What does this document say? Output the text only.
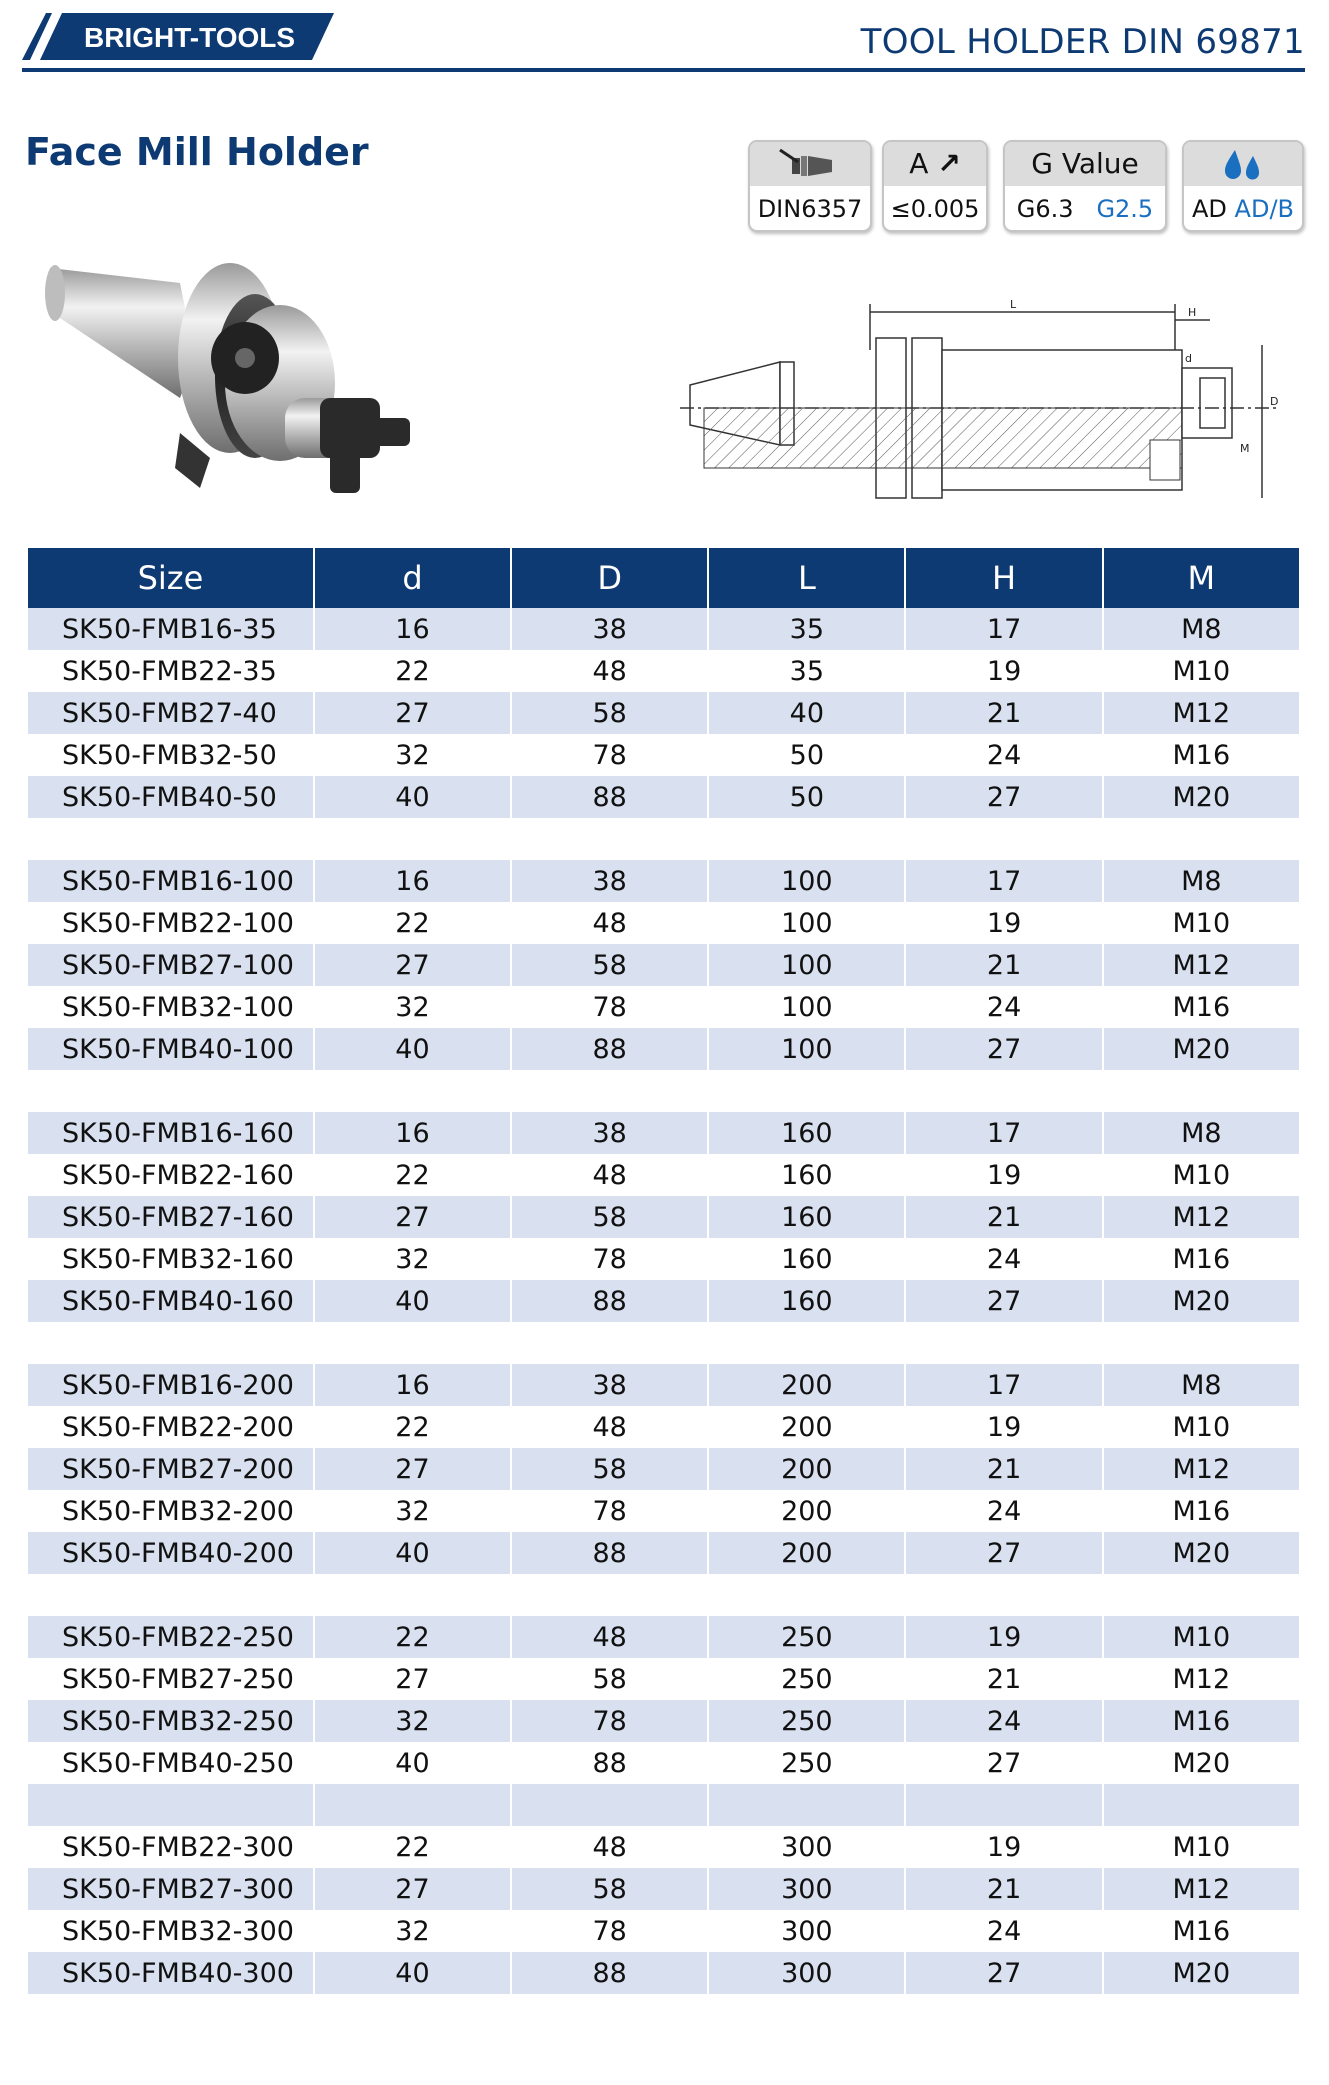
BRIGHT-TOOLS	TOOL HOLDER DIN 69871
Face Mill Holder
DIN6357
A ↗
≤0.005
G Value
G6.3 G2.5	AD AD/B
L
H
d
D
M
Size	d	D	L	H	M
SK50-FMB16-35	16	38	35	17	M8
SK50-FMB22-35	22	48	35	19	M10
SK50-FMB27-40	27	58	40	21	M12
SK50-FMB32-50	32	78	50	24	M16
SK50-FMB40-50	40	88	50	27	M20

SK50-FMB16-100	16	38	100	17	M8
SK50-FMB22-100	22	48	100	19	M10
SK50-FMB27-100	27	58	100	21	M12
SK50-FMB32-100	32	78	100	24	M16
SK50-FMB40-100	40	88	100	27	M20

SK50-FMB16-160	16	38	160	17	M8
SK50-FMB22-160	22	48	160	19	M10
SK50-FMB27-160	27	58	160	21	M12
SK50-FMB32-160	32	78	160	24	M16
SK50-FMB40-160	40	88	160	27	M20

SK50-FMB16-200	16	38	200	17	M8
SK50-FMB22-200	22	48	200	19	M10
SK50-FMB27-200	27	58	200	21	M12
SK50-FMB32-200	32	78	200	24	M16
SK50-FMB40-200	40	88	200	27	M20

SK50-FMB22-250	22	48	250	19	M10
SK50-FMB27-250	27	58	250	21	M12
SK50-FMB32-250	32	78	250	24	M16
SK50-FMB40-250	40	88	250	27	M20

SK50-FMB22-300	22	48	300	19	M10
SK50-FMB27-300	27	58	300	21	M12
SK50-FMB32-300	32	78	300	24	M16
SK50-FMB40-300	40	88	300	27	M20
